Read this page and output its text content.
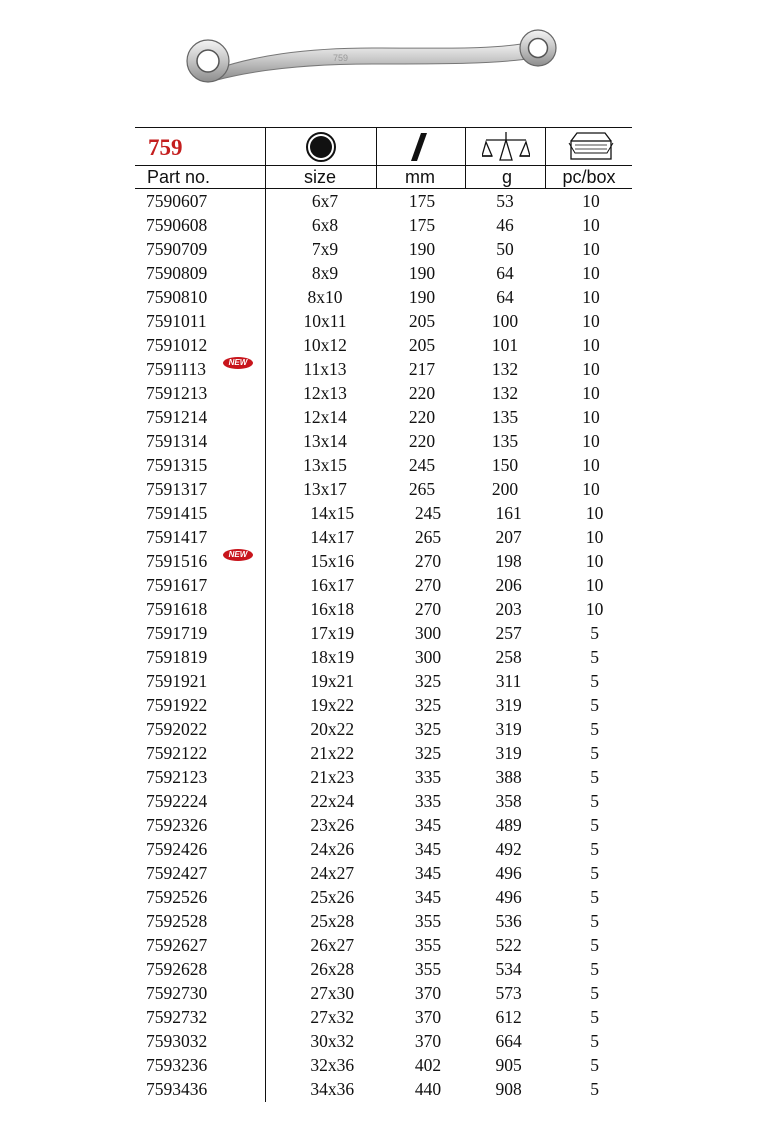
759
759
Part no.	size	mm	g	pc/box
7590607	6x7	175	53	10
7590608	6x8	175	46	10
7590709	7x9	190	50	10
7590809	8x9	190	64	10
7590810	8x10	190	64	10
7591011	10x11	205	100	10
7591012	10x12	205	101	10
7591113	11x13	217	132	10
NEW
7591213	12x13	220	132	10
7591214	12x14	220	135	10
7591314	13x14	220	135	10
7591315	13x15	245	150	10
7591317	13x17	265	200	10
7591415	14x15	245	161	10
7591417	14x17	265	207	10
7591516	15x16	270	198	10
NEW
7591617	16x17	270	206	10
7591618	16x18	270	203	10
7591719	17x19	300	257	5
7591819	18x19	300	258	5
7591921	19x21	325	311	5
7591922	19x22	325	319	5
7592022	20x22	325	319	5
7592122	21x22	325	319	5
7592123	21x23	335	388	5
7592224	22x24	335	358	5
7592326	23x26	345	489	5
7592426	24x26	345	492	5
7592427	24x27	345	496	5
7592526	25x26	345	496	5
7592528	25x28	355	536	5
7592627	26x27	355	522	5
7592628	26x28	355	534	5
7592730	27x30	370	573	5
7592732	27x32	370	612	5
7593032	30x32	370	664	5
7593236	32x36	402	905	5
7593436	34x36	440	908	5
